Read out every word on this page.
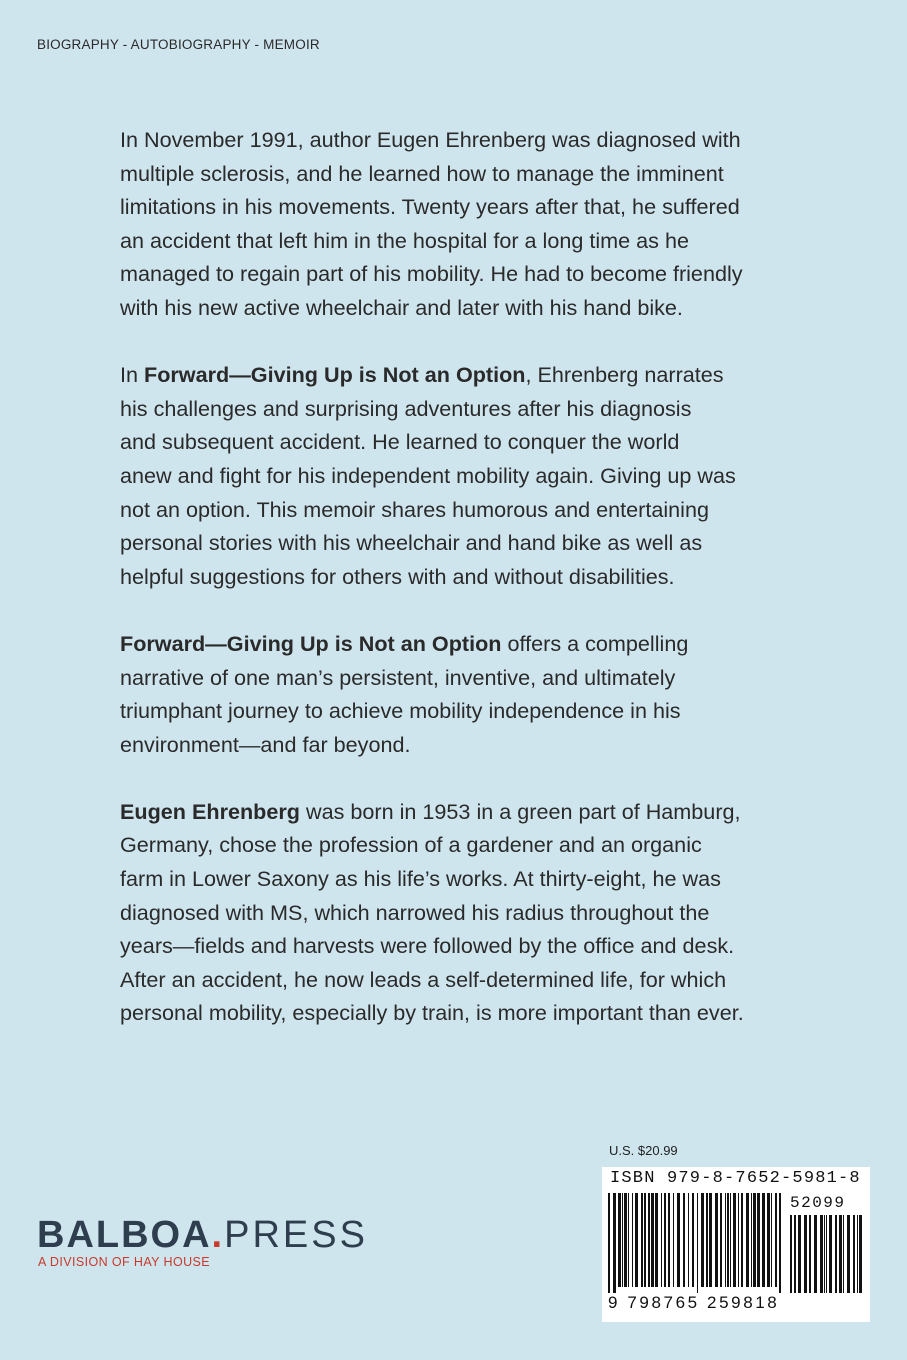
BIOGRAPHY - AUTOBIOGRAPHY - MEMOIR

In November 1991, author Eugen Ehrenberg was diagnosed with
multiple sclerosis, and he learned how to manage the imminent
limitations in his movements. Twenty years after that, he suffered
an accident that left him in the hospital for a long time as he
managed to regain part of his mobility. He had to become friendly
with his new active wheelchair and later with his hand bike.

In Forward—Giving Up is Not an Option, Ehrenberg narrates
his challenges and surprising adventures after his diagnosis
and subsequent accident. He learned to conquer the world
anew and fight for his independent mobility again. Giving up was
not an option. This memoir shares humorous and entertaining
personal stories with his wheelchair and hand bike as well as
helpful suggestions for others with and without disabilities.

Forward—Giving Up is Not an Option offers a compelling
narrative of one man’s persistent, inventive, and ultimately
triumphant journey to achieve mobility independence in his
environment—and far beyond.

Eugen Ehrenberg was born in 1953 in a green part of Hamburg,
Germany, chose the profession of a gardener and an organic
farm in Lower Saxony as his life’s works. At thirty-eight, he was
diagnosed with MS, which narrowed his radius throughout the
years—fields and harvests were followed by the office and desk.
After an accident, he now leads a self-determined life, for which
personal mobility, especially by train, is more important than ever.

U.S. $20.99
ISBN 979-8-7652-5981-8
52099
9 798765 259818
BALBOA.PRESS
A DIVISION OF HAY HOUSE
